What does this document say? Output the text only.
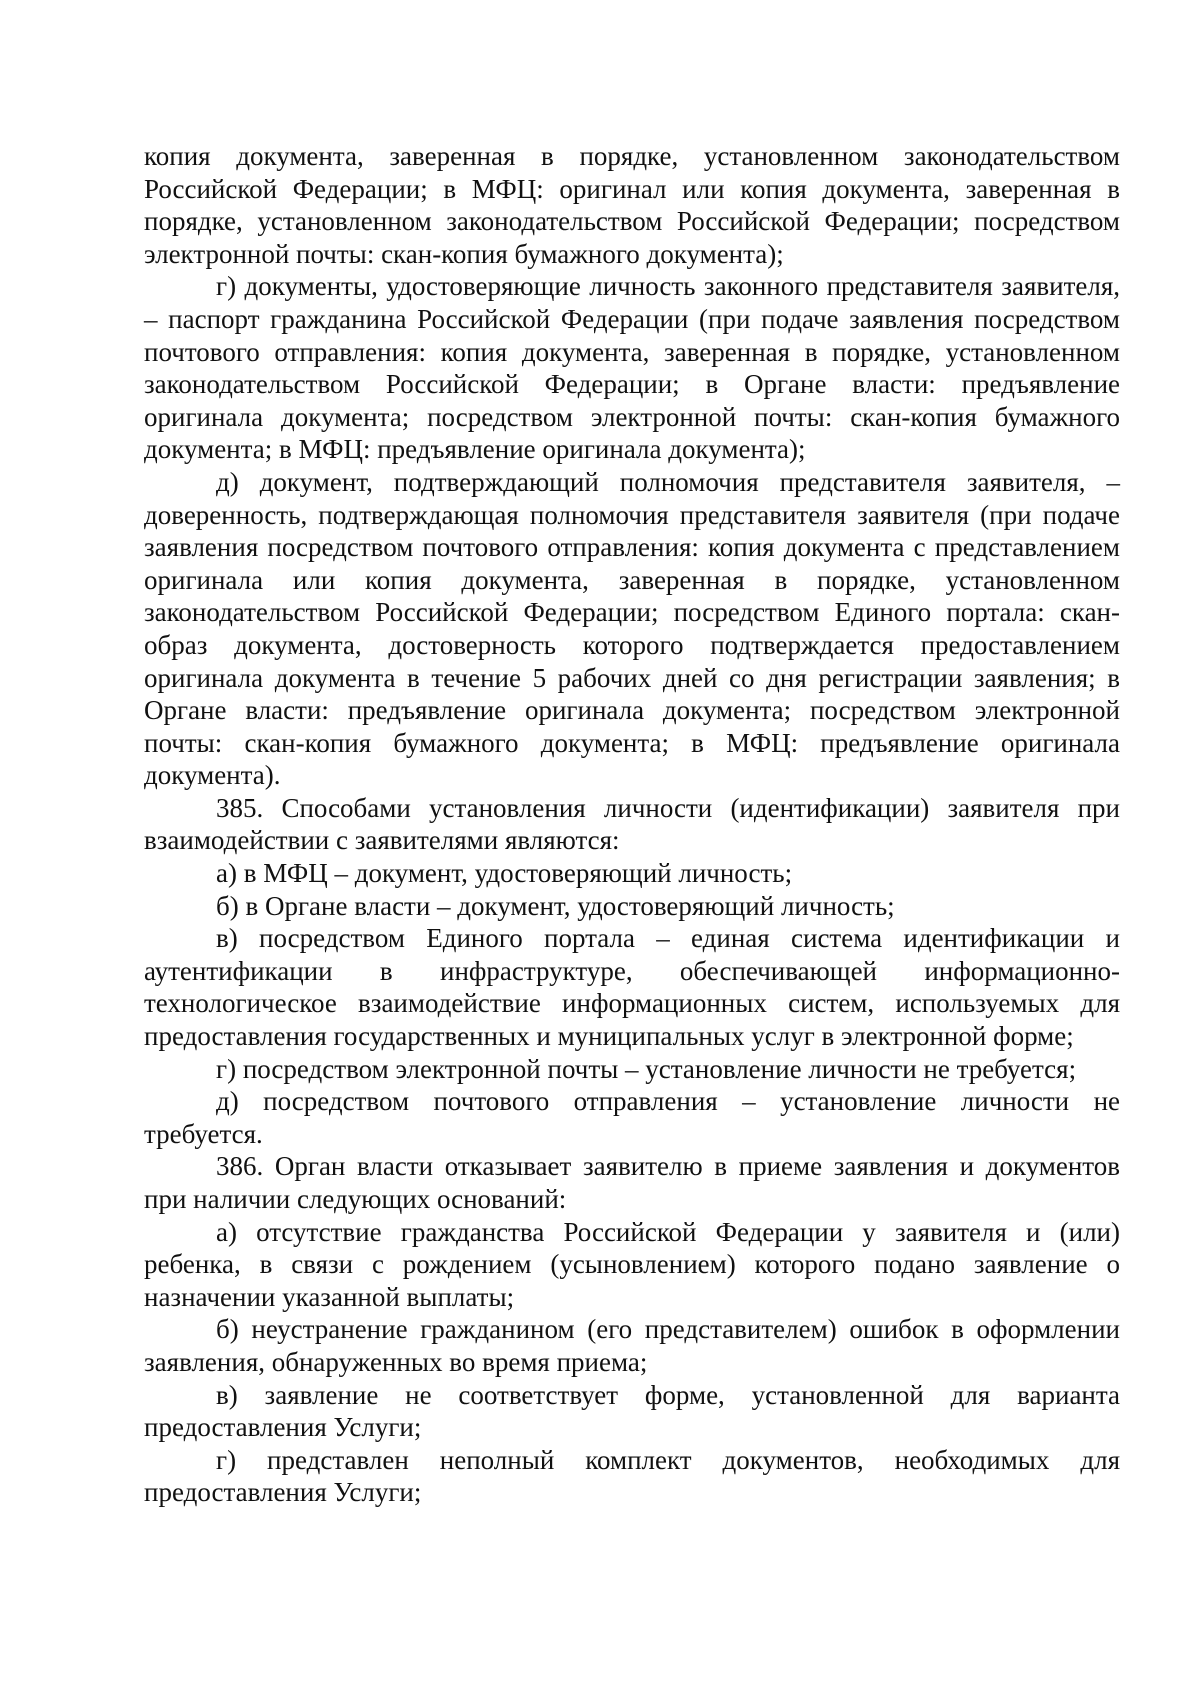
копия документа, заверенная в порядке, установленном законодательством Российской Федерации; в МФЦ: оригинал или копия документа, заверенная в порядке, установленном законодательством Российской Федерации; посредством электронной почты: скан-копия бумажного документа);

г) документы, удостоверяющие личность законного представителя заявителя, – паспорт гражданина Российской Федерации (при подаче заявления посредством почтового отправления: копия документа, заверенная в порядке, установленном законодательством Российской Федерации; в Органе власти: предъявление оригинала документа; посредством электронной почты: скан-копия бумажного документа; в МФЦ: предъявление оригинала документа);

д) документ, подтверждающий полномочия представителя заявителя, – доверенность, подтверждающая полномочия представителя заявителя (при подаче заявления посредством почтового отправления: копия документа с представлением оригинала или копия документа, заверенная в порядке, установленном законодательством Российской Федерации; посредством Единого портала: скан-образ документа, достоверность которого подтверждается предоставлением оригинала документа в течение 5 рабочих дней со дня регистрации заявления; в Органе власти: предъявление оригинала документа; посредством электронной почты: скан-копия бумажного документа; в МФЦ: предъявление оригинала документа).

385. Способами установления личности (идентификации) заявителя при взаимодействии с заявителями являются:

а) в МФЦ – документ, удостоверяющий личность;

б) в Органе власти – документ, удостоверяющий личность;

в) посредством Единого портала – единая система идентификации и аутентификации в инфраструктуре, обеспечивающей информационно-технологическое взаимодействие информационных систем, используемых для предоставления государственных и муниципальных услуг в электронной форме;

г) посредством электронной почты – установление личности не требуется;

д) посредством почтового отправления – установление личности не требуется.

386. Орган власти отказывает заявителю в приеме заявления и документов при наличии следующих оснований:

а) отсутствие гражданства Российской Федерации у заявителя и (или) ребенка, в связи с рождением (усыновлением) которого подано заявление о назначении указанной выплаты;

б) неустранение гражданином (его представителем) ошибок в оформлении заявления, обнаруженных во время приема;

в) заявление не соответствует форме, установленной для варианта предоставления Услуги;

г) представлен неполный комплект документов, необходимых для предоставления Услуги;
